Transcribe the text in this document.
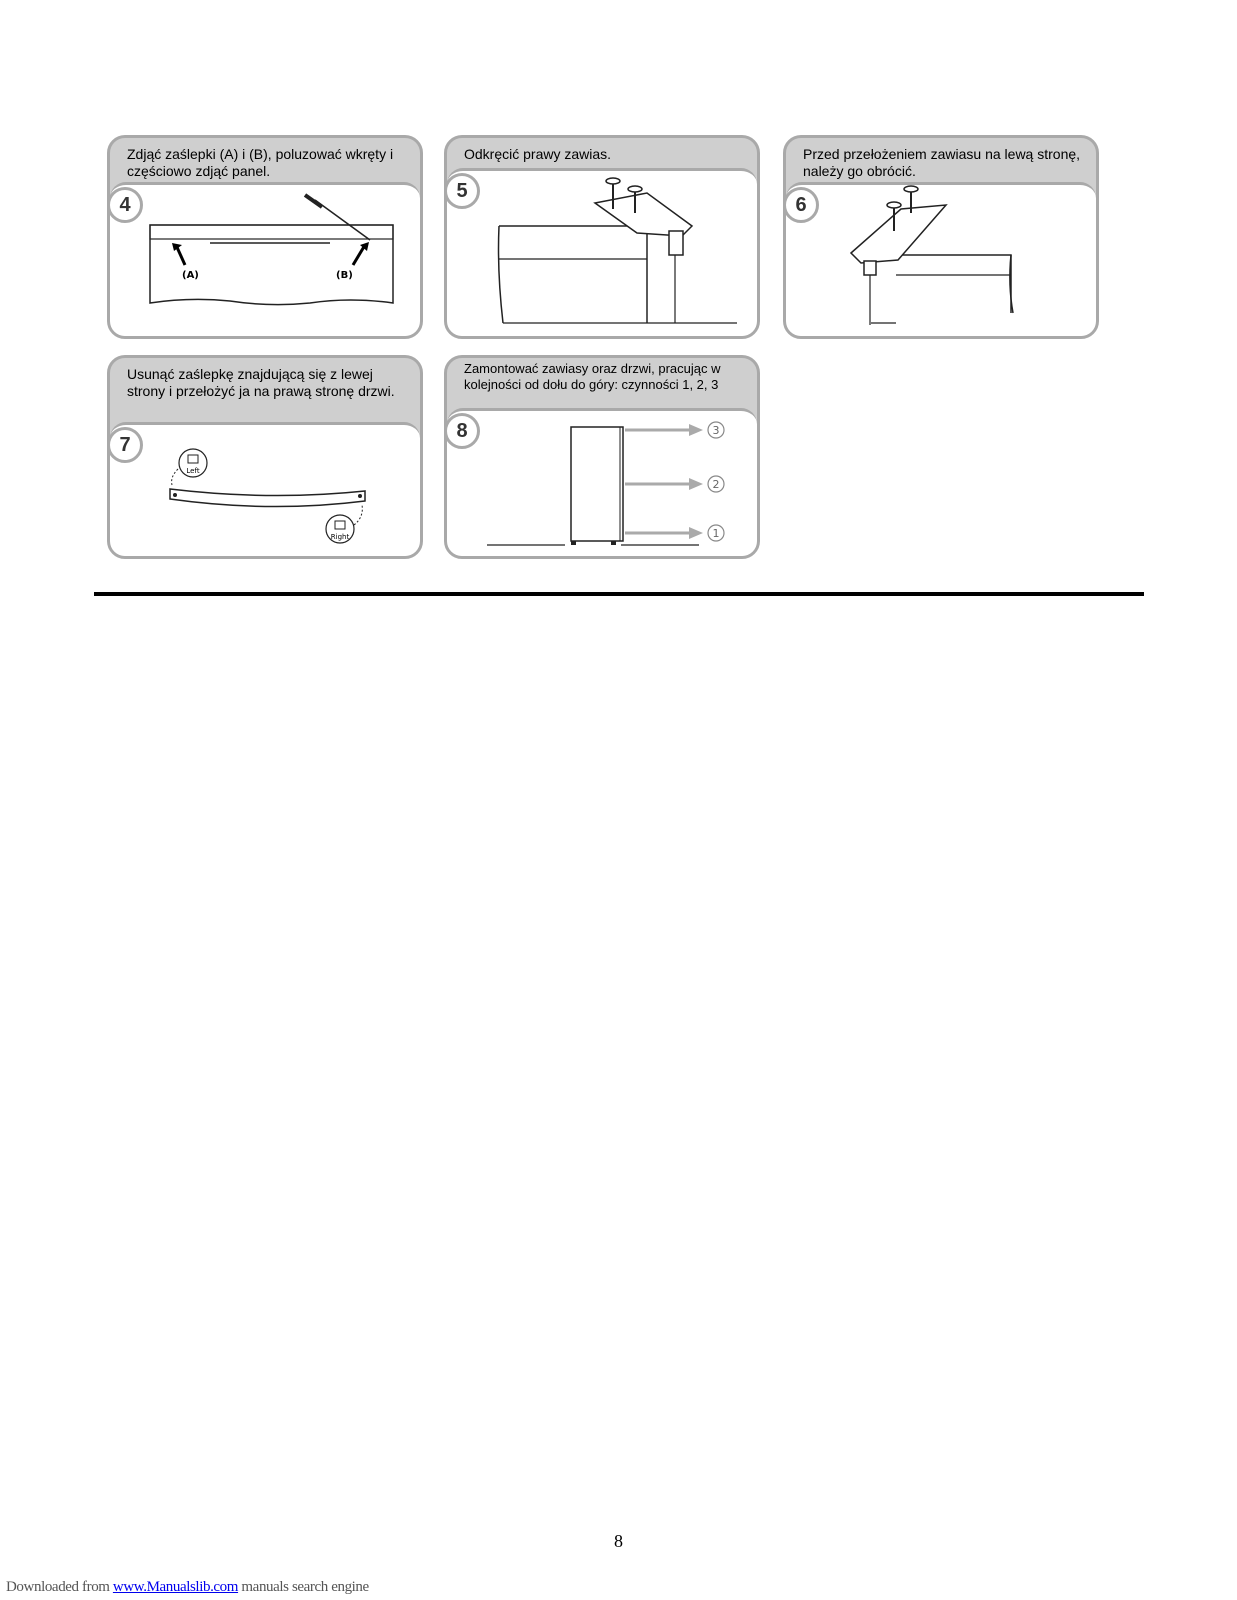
Zdjąć zaślepki (A) i (B), poluzować wkręty i częściowo zdjąć panel.
(A)	(B)
4
Odkręcić prawy zawias.
5
Przed przełożeniem zawiasu na lewą stronę, należy go obrócić.
6
Usunąć zaślepkę znajdującą się z lewej strony i przełożyć ja na prawą stronę drzwi.
Left
Right
7
Zamontować zawiasy oraz drzwi, pracując w kolejności od dołu do góry: czynności 1, 2, 3
3
2
1
8
8
Downloaded from www.Manualslib.com manuals search engine
